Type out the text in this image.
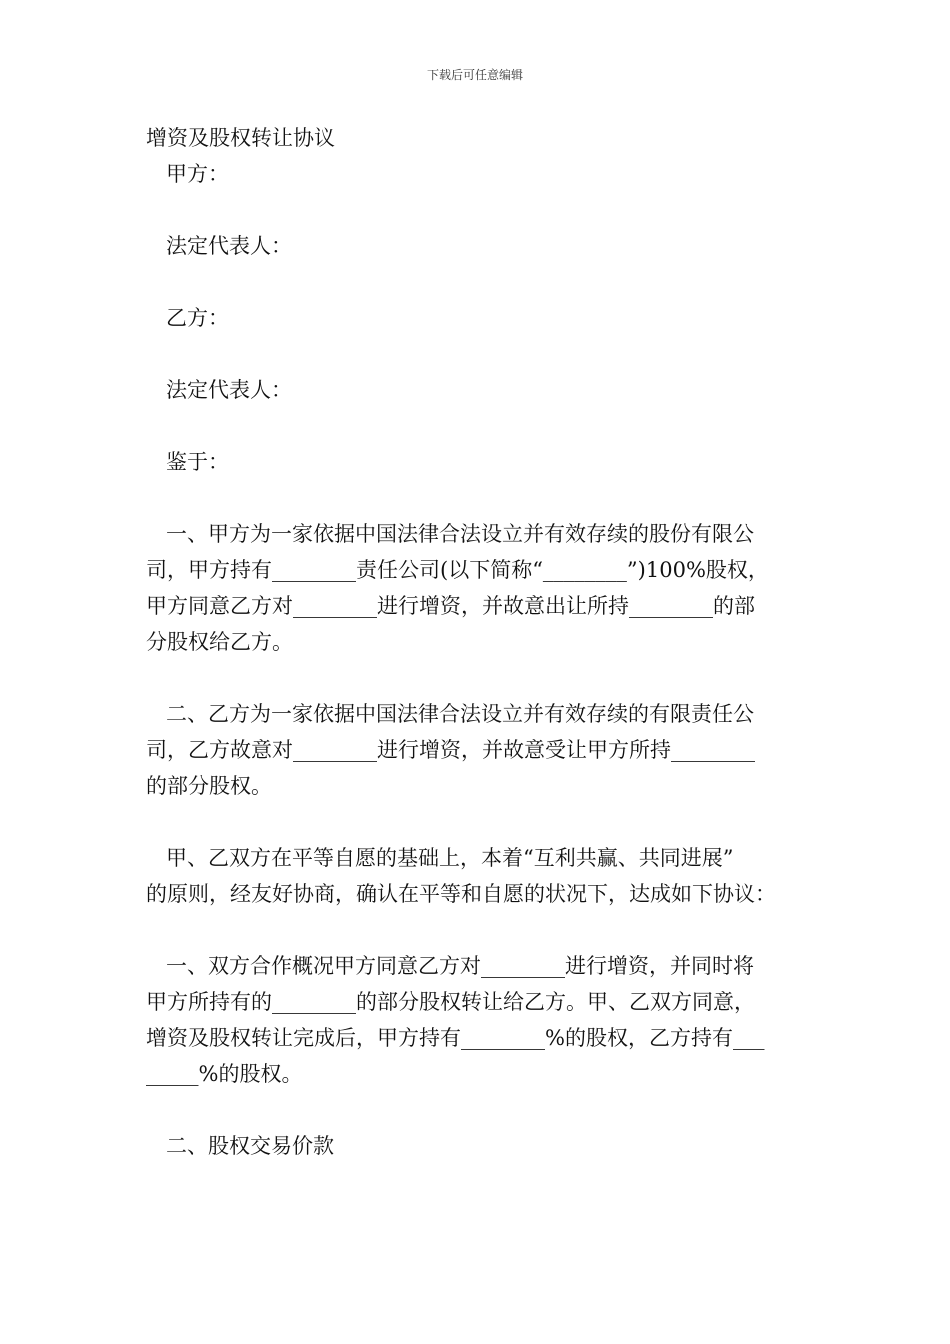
下载后可任意编辑

增资及股权转让协议

甲方：

法定代表人：

乙方：

法定代表人：

鉴于：

一、甲方为一家依据中国法律合法设立并有效存续的股份有限公

司，甲方持有________责任公司(以下简称“________”)100%股权，

甲方同意乙方对________进行增资，并故意出让所持________的部

分股权给乙方。

二、乙方为一家依据中国法律合法设立并有效存续的有限责任公

司，乙方故意对________进行增资，并故意受让甲方所持________

的部分股权。

甲、乙双方在平等自愿的基础上，本着“互利共赢、共同进展”

的原则，经友好协商，确认在平等和自愿的状况下，达成如下协议：

一、双方合作概况甲方同意乙方对________进行增资，并同时将

甲方所持有的________的部分股权转让给乙方。甲、乙双方同意，

增资及股权转让完成后，甲方持有________%的股权，乙方持有___

_____%的股权。

二、股权交易价款
